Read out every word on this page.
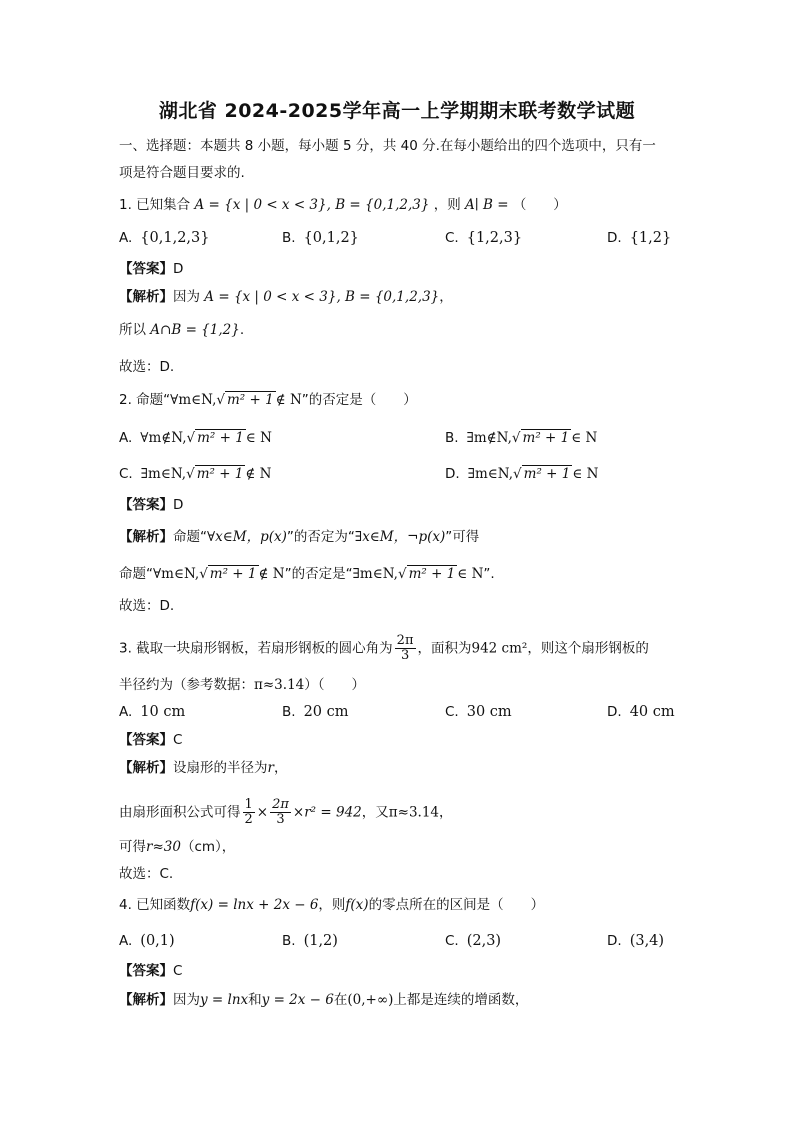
湖北省 2024-2025学年高一上学期期末联考数学试题
一、选择题：本题共 8 小题，每小题 5 分，共 40 分.在每小题给出的四个选项中，只有一
项是符合题目要求的.
1. 已知集合 A = {x | 0 < x < 3}, B = {0,1,2,3} ，则 A∣ B = （　　）
A. {0,1,2,3}	B. {0,1,2}	C. {1,2,3}	D. {1,2}
【答案】D
【解析】因为 A = {x | 0 < x < 3}, B = {0,1,2,3}，
所以 A∩B = {1,2}.
故选：D.
2. 命题“∀m∈N,√ m² + 1 ∉ N”的否定是（　　）
A. ∀m∉N,√ m² + 1 ∈ N	B. ∃m∉N,√ m² + 1 ∈ N
C. ∃m∈N,√ m² + 1 ∉ N	D. ∃m∈N,√ m² + 1 ∈ N
【答案】D
【解析】命题“∀x∈M，p(x)”的否定为“∃x∈M，¬p(x)”可得
命题“∀m∈N,√ m² + 1 ∉ N”的否定是“∃m∈N,√ m² + 1 ∈ N”.
故选：D.
3. 截取一块扇形钢板，若扇形钢板的圆心角为 $\frac{2\pi}{3}$ ，面积为942 cm²，则这个扇形钢板的
半径约为（参考数据：π≈3.14）（　　）
A. 10 cm	B. 20 cm	C. 30 cm	D. 40 cm
【答案】C
【解析】设扇形的半径为r，
由扇形面积公式可得 $\frac{1}{2} \times \frac{2\pi}{3} \times r^2 = 942$，又π≈3.14，
可得r≈30（cm），
故选：C.
4. 已知函数f(x) = lnx + 2x − 6，则f(x)的零点所在的区间是（　　）
A. (0,1)	B. (1,2)	C. (2,3)	D. (3,4)
【答案】C
【解析】因为y = lnx和y = 2x − 6在(0,+∞)上都是连续的增函数，
